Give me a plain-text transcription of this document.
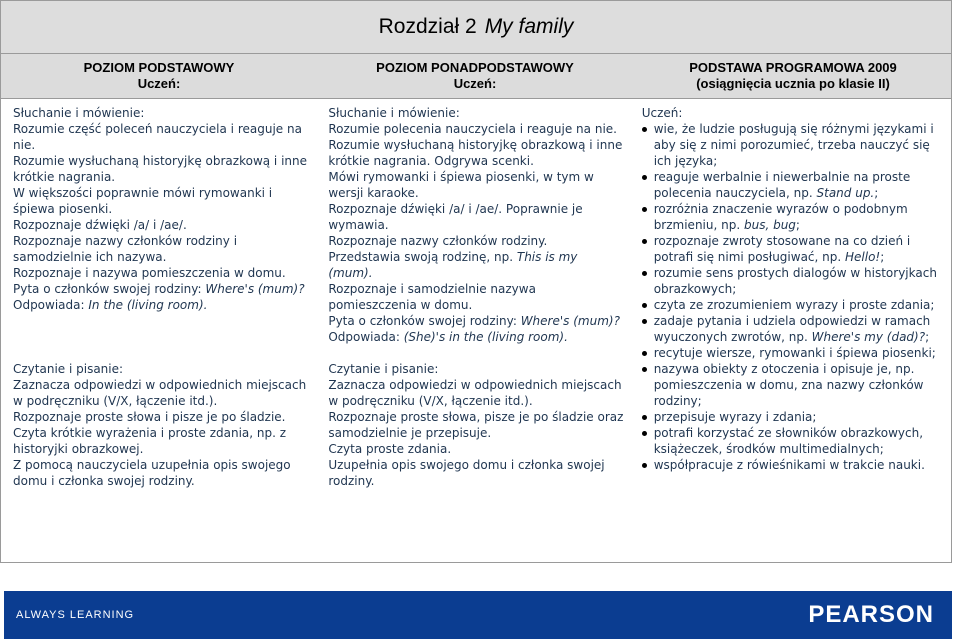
Rozdział 2 My family
POZIOM PODSTAWOWY
Uczeń:
POZIOM PONADPODSTAWOWY
Uczeń:
PODSTAWA PROGRAMOWA 2009
(osiągnięcia ucznia po klasie II)

Słuchanie i mówienie:

Rozumie część poleceń nauczyciela i reaguje na nie.

Rozumie wysłuchaną historyjkę obrazkową i inne krótkie nagrania.

W większości poprawnie mówi rymowanki i śpiewa piosenki.

Rozpoznaje dźwięki /a/ i /ae/.

Rozpoznaje nazwy członków rodziny i samodzielnie ich nazywa.

Rozpoznaje i nazywa pomieszczenia w domu.

Pyta o członków swojej rodziny: Where's (mum)? Odpowiada: In the (living room).

Czytanie i pisanie:

Zaznacza odpowiedzi w odpowiednich miejscach w podręczniku (V/X, łączenie itd.).

Rozpoznaje proste słowa i pisze je po śladzie.

Czyta krótkie wyrażenia i proste zdania, np. z historyjki obrazkowej.

Z pomocą nauczyciela uzupełnia opis swojego domu i członka swojej rodziny.

Słuchanie i mówienie:

Rozumie polecenia nauczyciela i reaguje na nie.

Rozumie wysłuchaną historyjkę obrazkową i inne krótkie nagrania. Odgrywa scenki.

Mówi rymowanki i śpiewa piosenki, w tym w wersji karaoke.

Rozpoznaje dźwięki /a/ i /ae/. Poprawnie je wymawia.

Rozpoznaje nazwy członków rodziny.

Przedstawia swoją rodzinę, np. This is my (mum).

Rozpoznaje i samodzielnie nazywa pomieszczenia w domu.

Pyta o członków swojej rodziny: Where's (mum)? Odpowiada: (She)'s in the (living room).

Czytanie i pisanie:

Zaznacza odpowiedzi w odpowiednich miejscach w podręczniku (V/X, łączenie itd.).

Rozpoznaje proste słowa, pisze je po śladzie oraz samodzielnie je przepisuje.

Czyta proste zdania.

Uzupełnia opis swojego domu i członka swojej rodziny.

Uczeń:

wie, że ludzie posługują się różnymi językami i aby się z nimi porozumieć, trzeba nauczyć się ich języka;
reaguje werbalnie i niewerbalnie na proste polecenia nauczyciela, np. Stand up.;
rozróżnia znaczenie wyrazów o podobnym brzmieniu, np. bus, bug;
rozpoznaje zwroty stosowane na co dzień i potrafi się nimi posługiwać, np. Hello!;
rozumie sens prostych dialogów w historyjkach obrazkowych;
czyta ze zrozumieniem wyrazy i proste zdania;
zadaje pytania i udziela odpowiedzi w ramach wyuczonych zwrotów, np. Where's my (dad)?;
recytuje wiersze, rymowanki i śpiewa piosenki;
nazywa obiekty z otoczenia i opisuje je, np. pomieszczenia w domu, zna nazwy członków rodziny;
przepisuje wyrazy i zdania;
potrafi korzystać ze słowników obrazkowych, książeczek, środków multimedialnych;
współpracuje z rówieśnikami w trakcie nauki.
ALWAYS LEARNING	PEARSON
